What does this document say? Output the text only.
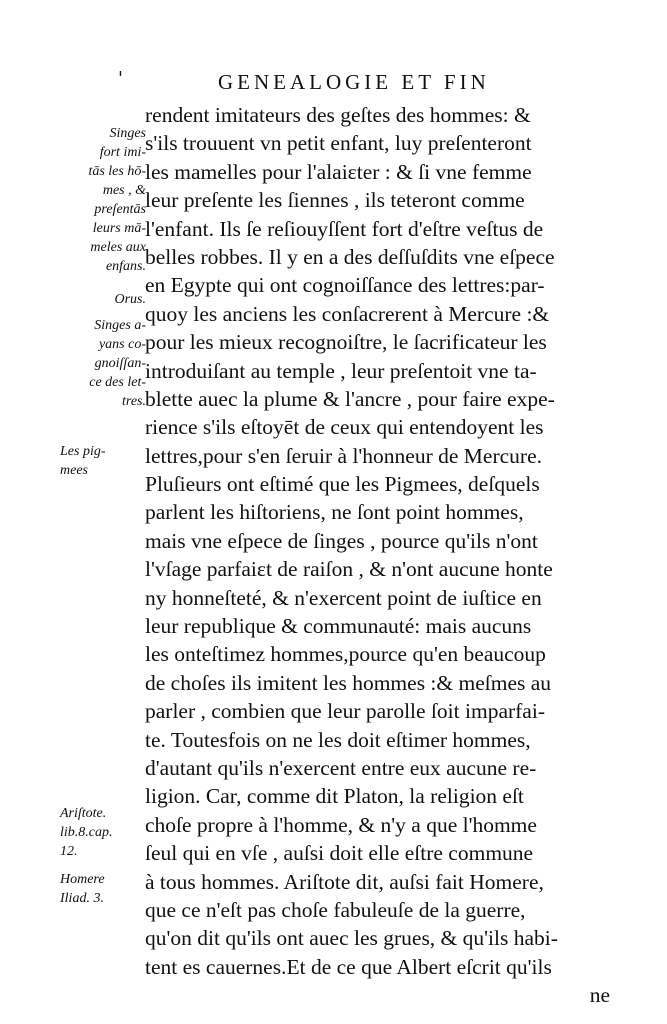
'	GENEALOGIE ET FIN
Singes
fort imi-
tās les hō-
mes , &
preſentās
leurs mā-
meles aux
enfans.
Orus.
Singes a-
yans co-
gnoiſſan-
ce des let-
tres.
Les pig-
mees
Ariſtote.
lib.8.cap.
12.
Homere
Iliad. 3.
rendent imitateurs des geſtes des hommes: &
s'ils trouuent vn petit enfant, luy preſenteront
les mamelles pour l'alaiɛter : & ſi vne femme
leur preſente les ſiennes , ils teteront comme
l'enfant. Ils ſe reſiouyſſent fort d'eſtre veſtus de
belles robbes. Il y en a des deſſuſdits vne eſpece
en Egypte qui ont cognoiſſance des lettres:par-
quoy les anciens les conſacrerent à Mercure :&
pour les mieux recognoiſtre, le ſacrificateur les
introduiſant au temple , leur preſentoit vne ta-
blette auec la plume & l'ancre , pour faire expe-
rience s'ils eſtoyēt de ceux qui entendoyent les
lettres,pour s'en ſeruir à l'honneur de Mercure.
Pluſieurs ont eſtimé que les Pigmees, deſquels
parlent les hiſtoriens, ne ſont point hommes,
mais vne eſpece de ſinges , pource qu'ils n'ont
l'vſage parfaiɛt de raiſon , & n'ont aucune honte
ny honneſteté, & n'exercent point de iuſtice en
leur republique & communauté: mais aucuns
les onteſtimez hommes,pource qu'en beaucoup
de choſes ils imitent les hommes :& meſmes au
parler , combien que leur parolle ſoit imparfai-
te. Toutesfois on ne les doit eſtimer hommes,
d'autant qu'ils n'exercent entre eux aucune re-
ligion. Car, comme dit Platon, la religion eſt
choſe propre à l'homme, & n'y a que l'homme
ſeul qui en vſe , auſsi doit elle eſtre commune
à tous hommes. Ariſtote dit, auſsi fait Homere,
que ce n'eſt pas choſe fabuleuſe de la guerre,
qu'on dit qu'ils ont auec les grues, & qu'ils habi-
tent es cauernes.Et de ce que Albert eſcrit qu'ils
ne
